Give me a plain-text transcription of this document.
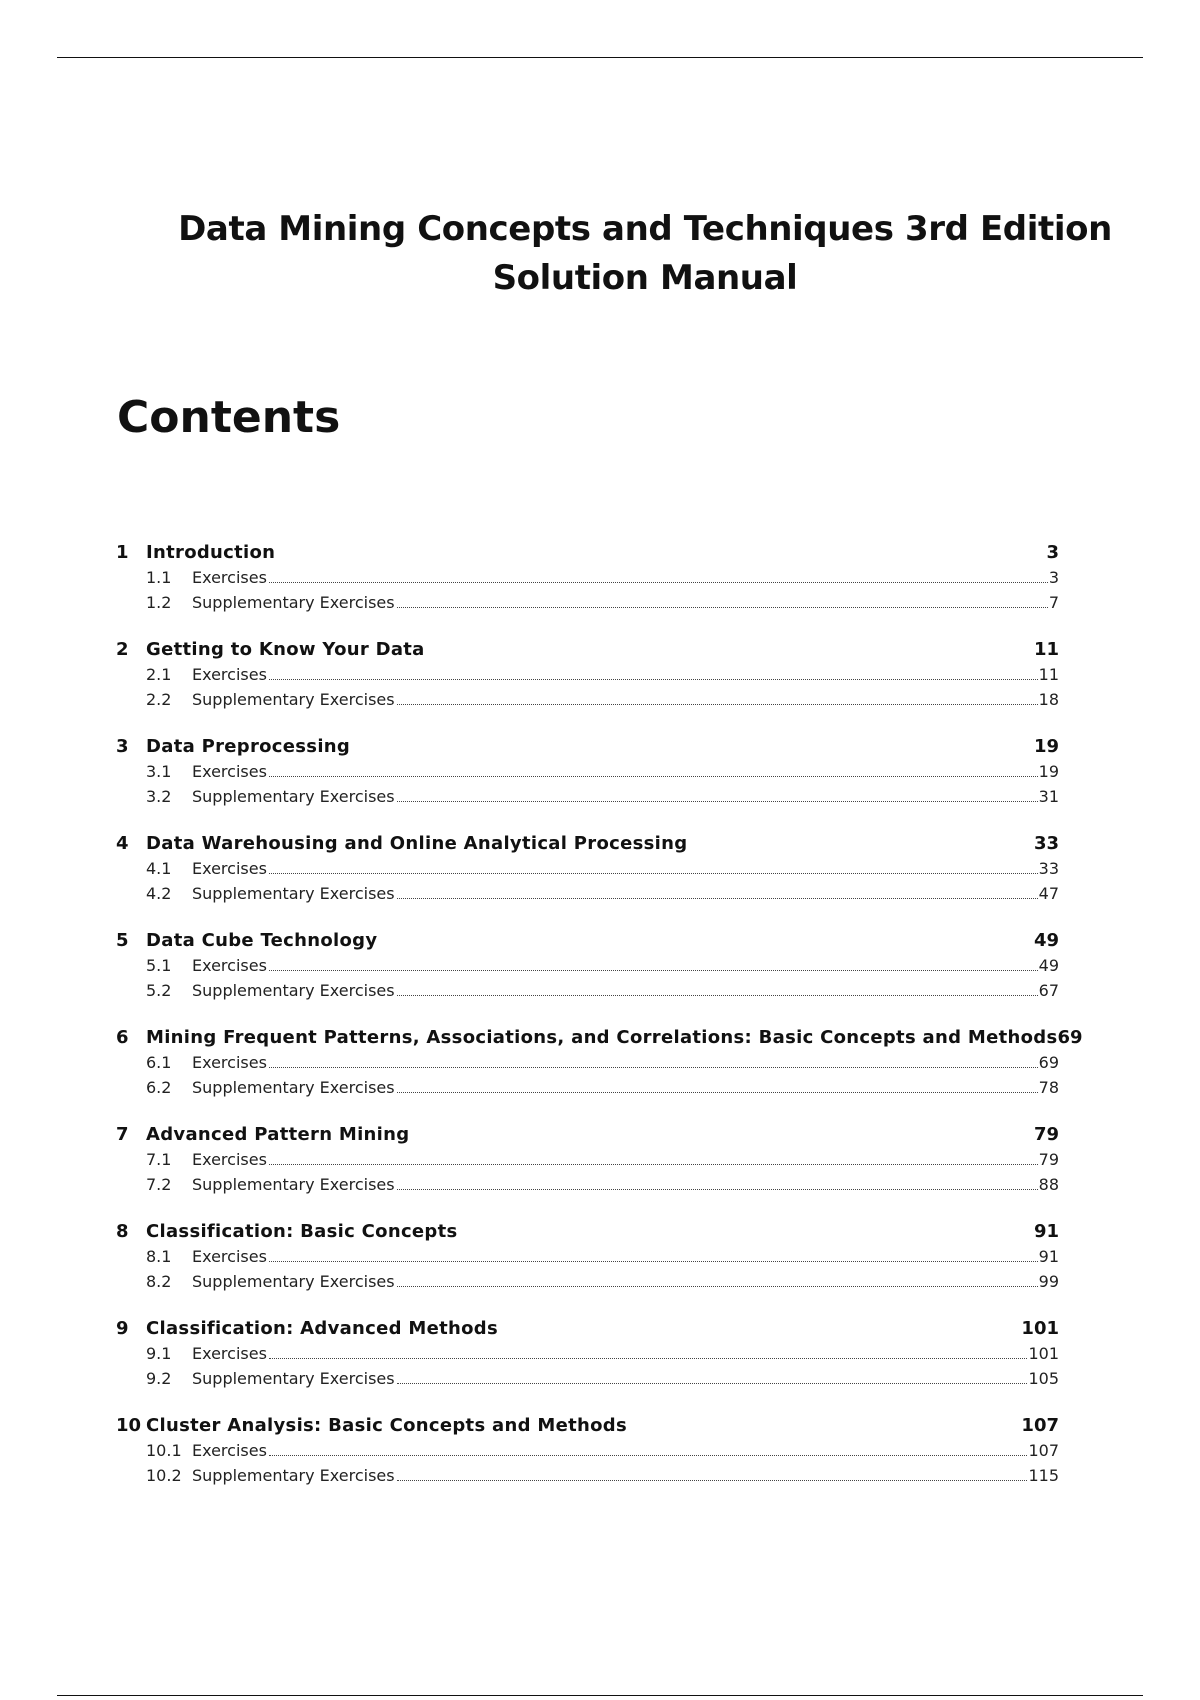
Data Mining Concepts and Techniques 3rd Edition
Solution Manual
Contents
1 Introduction	3
1.1	Exercises	3
1.2	Supplementary Exercises	7
2 Getting to Know Your Data	11
2.1	Exercises	11
2.2	Supplementary Exercises	18
3 Data Preprocessing	19
3.1	Exercises	19
3.2	Supplementary Exercises	31
4 Data Warehousing and Online Analytical Processing	33
4.1	Exercises	33
4.2	Supplementary Exercises	47
5 Data Cube Technology	49
5.1	Exercises	49
5.2	Supplementary Exercises	67
6 Mining Frequent Patterns, Associations, and Correlations: Basic Concepts and Methods 69
6.1	Exercises	69
6.2	Supplementary Exercises	78
7 Advanced Pattern Mining	79
7.1	Exercises	79
7.2	Supplementary Exercises	88
8 Classification: Basic Concepts	91
8.1	Exercises	91
8.2	Supplementary Exercises	99
9 Classification: Advanced Methods	101
9.1	Exercises	101
9.2	Supplementary Exercises	105
10 Cluster Analysis: Basic Concepts and Methods	107
10.1 Exercises	107
10.2 Supplementary Exercises	115
